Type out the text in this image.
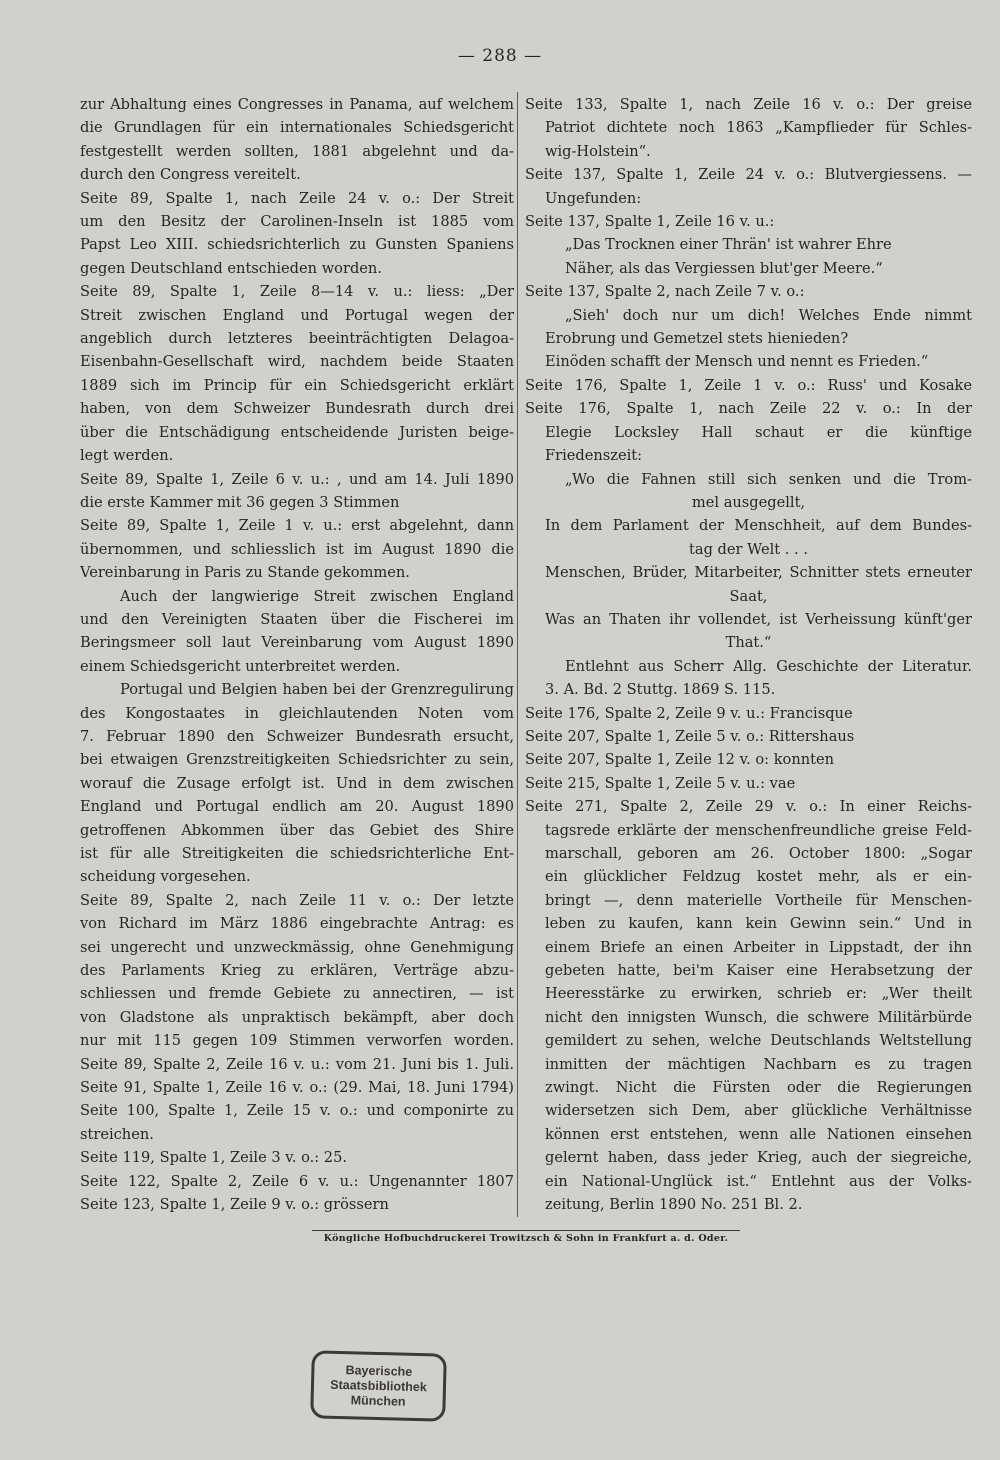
— 288 —
zur Abhaltung eines Congresses in Panama, auf welchem
die Grundlagen für ein internationales Schiedsgericht
festgestellt werden sollten, 1881 abgelehnt und da-
durch den Congress vereitelt.
Seite 89, Spalte 1, nach Zeile 24 v. o.: Der Streit
um den Besitz der Carolinen-Inseln ist 1885 vom
Papst Leo XIII. schiedsrichterlich zu Gunsten Spaniens
gegen Deutschland entschieden worden.
Seite 89, Spalte 1, Zeile 8—14 v. u.: liess: „Der
Streit zwischen England und Portugal wegen der
angeblich durch letzteres beeinträchtigten Delagoa-
Eisenbahn-Gesellschaft wird, nachdem beide Staaten
1889 sich im Princip für ein Schiedsgericht erklärt
haben, von dem Schweizer Bundesrath durch drei
über die Entschädigung entscheidende Juristen beige-
legt werden.
Seite 89, Spalte 1, Zeile 6 v. u.: , und am 14. Juli 1890
die erste Kammer mit 36 gegen 3 Stimmen
Seite 89, Spalte 1, Zeile 1 v. u.: erst abgelehnt, dann
übernommen, und schliesslich ist im August 1890 die
Vereinbarung in Paris zu Stande gekommen.
Auch der langwierige Streit zwischen England
und den Vereinigten Staaten über die Fischerei im
Beringsmeer soll laut Vereinbarung vom August 1890
einem Schiedsgericht unterbreitet werden.
Portugal und Belgien haben bei der Grenzregulirung
des Kongostaates in gleichlautenden Noten vom
7. Februar 1890 den Schweizer Bundesrath ersucht,
bei etwaigen Grenzstreitigkeiten Schiedsrichter zu sein,
worauf die Zusage erfolgt ist. Und in dem zwischen
England und Portugal endlich am 20. August 1890
getroffenen Abkommen über das Gebiet des Shire
ist für alle Streitigkeiten die schiedsrichterliche Ent-
scheidung vorgesehen.
Seite 89, Spalte 2, nach Zeile 11 v. o.: Der letzte
von Richard im März 1886 eingebrachte Antrag: es
sei ungerecht und unzweckmässig, ohne Genehmigung
des Parlaments Krieg zu erklären, Verträge abzu-
schliessen und fremde Gebiete zu annectiren, — ist
von Gladstone als unpraktisch bekämpft, aber doch
nur mit 115 gegen 109 Stimmen verworfen worden.
Seite 89, Spalte 2, Zeile 16 v. u.: vom 21. Juni bis 1. Juli.
Seite 91, Spalte 1, Zeile 16 v. o.: (29. Mai, 18. Juni 1794)
Seite 100, Spalte 1, Zeile 15 v. o.: und componirte zu
streichen.
Seite 119, Spalte 1, Zeile 3 v. o.: 25.
Seite 122, Spalte 2, Zeile 6 v. u.: Ungenannter 1807
Seite 123, Spalte 1, Zeile 9 v. o.: grössern
Seite 133, Spalte 1, nach Zeile 16 v. o.: Der greise
Patriot dichtete noch 1863 „Kampflieder für Schles-
wig-Holstein“.
Seite 137, Spalte 1, Zeile 24 v. o.: Blutvergiessens. —
Ungefunden:
Seite 137, Spalte 1, Zeile 16 v. u.:
„Das Trocknen einer Thrän' ist wahrer Ehre
Näher, als das Vergiessen blut'ger Meere.“
Seite 137, Spalte 2, nach Zeile 7 v. o.:
„Sieh' doch nur um dich! Welches Ende nimmt
Erobrung und Gemetzel stets hienieden?
Einöden schafft der Mensch und nennt es Frieden.“
Seite 176, Spalte 1, Zeile 1 v. o.: Russ' und Kosake
Seite 176, Spalte 1, nach Zeile 22 v. o.: In der
Elegie Locksley Hall schaut er die künftige
Friedenszeit:
„Wo die Fahnen still sich senken und die Trom-
mel ausgegellt,
In dem Parlament der Menschheit, auf dem Bundes-
tag der Welt . . .
Menschen, Brüder, Mitarbeiter, Schnitter stets erneuter
Saat,
Was an Thaten ihr vollendet, ist Verheissung künft'ger
That.“
Entlehnt aus Scherr Allg. Geschichte der Literatur.
3. A. Bd. 2 Stuttg. 1869 S. 115.
Seite 176, Spalte 2, Zeile 9 v. u.: Francisque
Seite 207, Spalte 1, Zeile 5 v. o.: Rittershaus
Seite 207, Spalte 1, Zeile 12 v. o: konnten
Seite 215, Spalte 1, Zeile 5 v. u.: vae
Seite 271, Spalte 2, Zeile 29 v. o.: In einer Reichs-
tagsrede erklärte der menschenfreundliche greise Feld-
marschall, geboren am 26. October 1800: „Sogar
ein glücklicher Feldzug kostet mehr, als er ein-
bringt —, denn materielle Vortheile für Menschen-
leben zu kaufen, kann kein Gewinn sein.“ Und in
einem Briefe an einen Arbeiter in Lippstadt, der ihn
gebeten hatte, bei'm Kaiser eine Herabsetzung der
Heeresstärke zu erwirken, schrieb er: „Wer theilt
nicht den innigsten Wunsch, die schwere Militärbürde
gemildert zu sehen, welche Deutschlands Weltstellung
inmitten der mächtigen Nachbarn es zu tragen
zwingt. Nicht die Fürsten oder die Regierungen
widersetzen sich Dem, aber glückliche Verhältnisse
können erst entstehen, wenn alle Nationen einsehen
gelernt haben, dass jeder Krieg, auch der siegreiche,
ein National-Unglück ist.“ Entlehnt aus der Volks-
zeitung, Berlin 1890 No. 251 Bl. 2.
Köngliche Hofbuchdruckerei Trowitzsch & Sohn in Frankfurt a. d. Oder.
Bayerische
Staatsbibliothek
München
